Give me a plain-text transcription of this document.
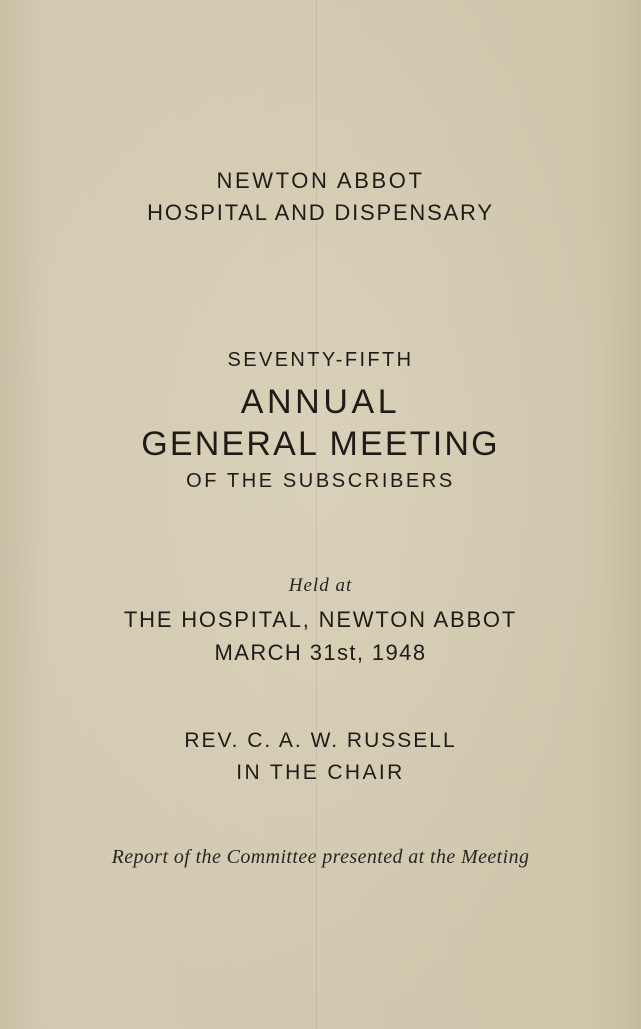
NEWTON ABBOT
HOSPITAL AND DISPENSARY
SEVENTY-FIFTH
ANNUAL
GENERAL MEETING
OF THE SUBSCRIBERS
Held at
THE HOSPITAL, NEWTON ABBOT
MARCH 31st, 1948
REV. C. A. W. RUSSELL
IN THE CHAIR
Report of the Committee presented at the Meeting
